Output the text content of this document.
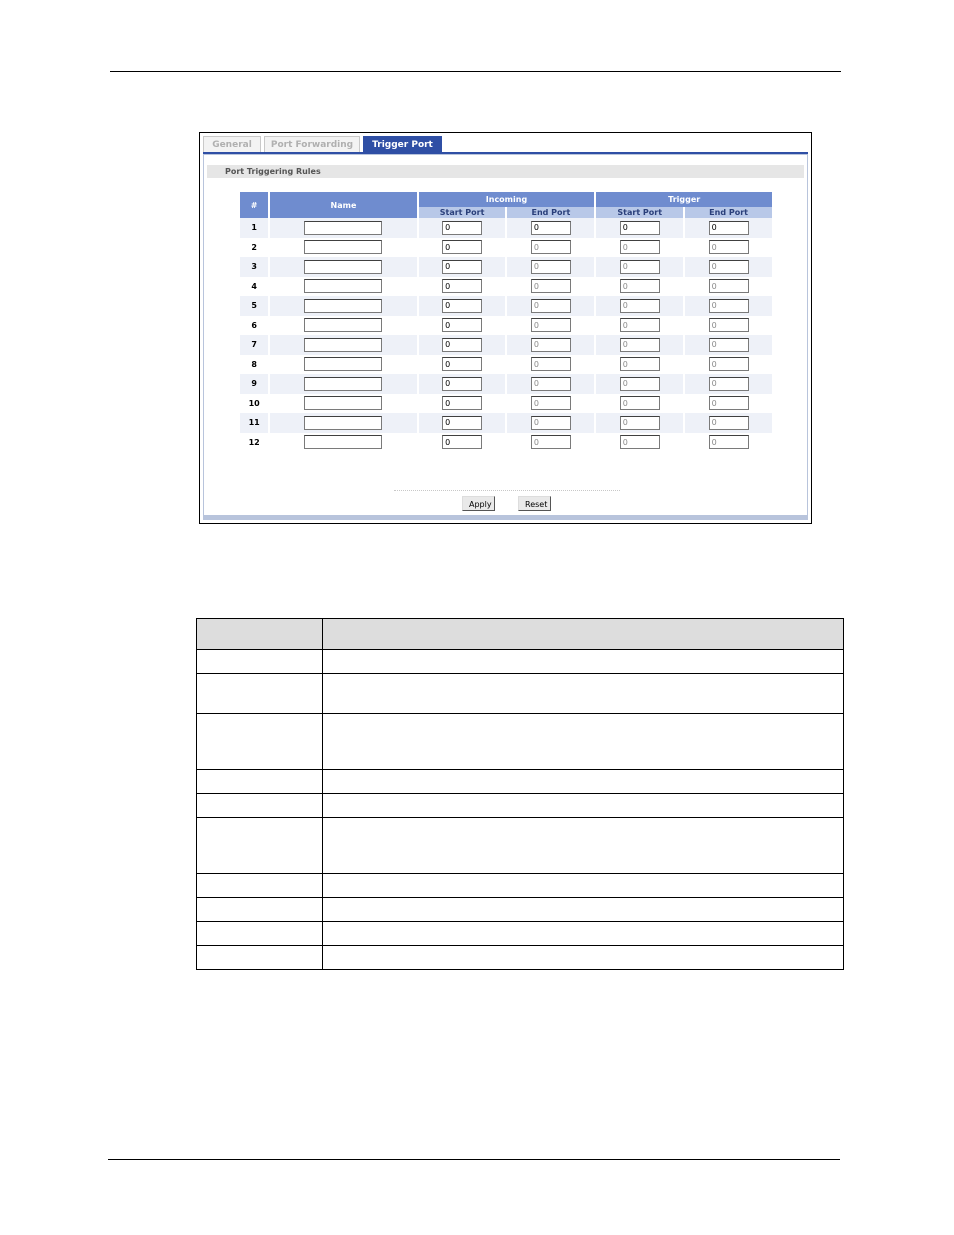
General	Port Forwarding	Trigger Port
Port Triggering Rules
#	Name	Incoming		Trigger	
		Start Port	End Port	Start Port	End Port
1		0	0	0	0
2		0	0	0	0
3		0	0	0	0
4		0	0	0	0
5		0	0	0	0
6		0	0	0	0
7		0	0	0	0
8		0	0	0	0
9		0	0	0	0
10		0	0	0	0
11		0	0	0	0
12		0	0	0	0
Apply	Reset
